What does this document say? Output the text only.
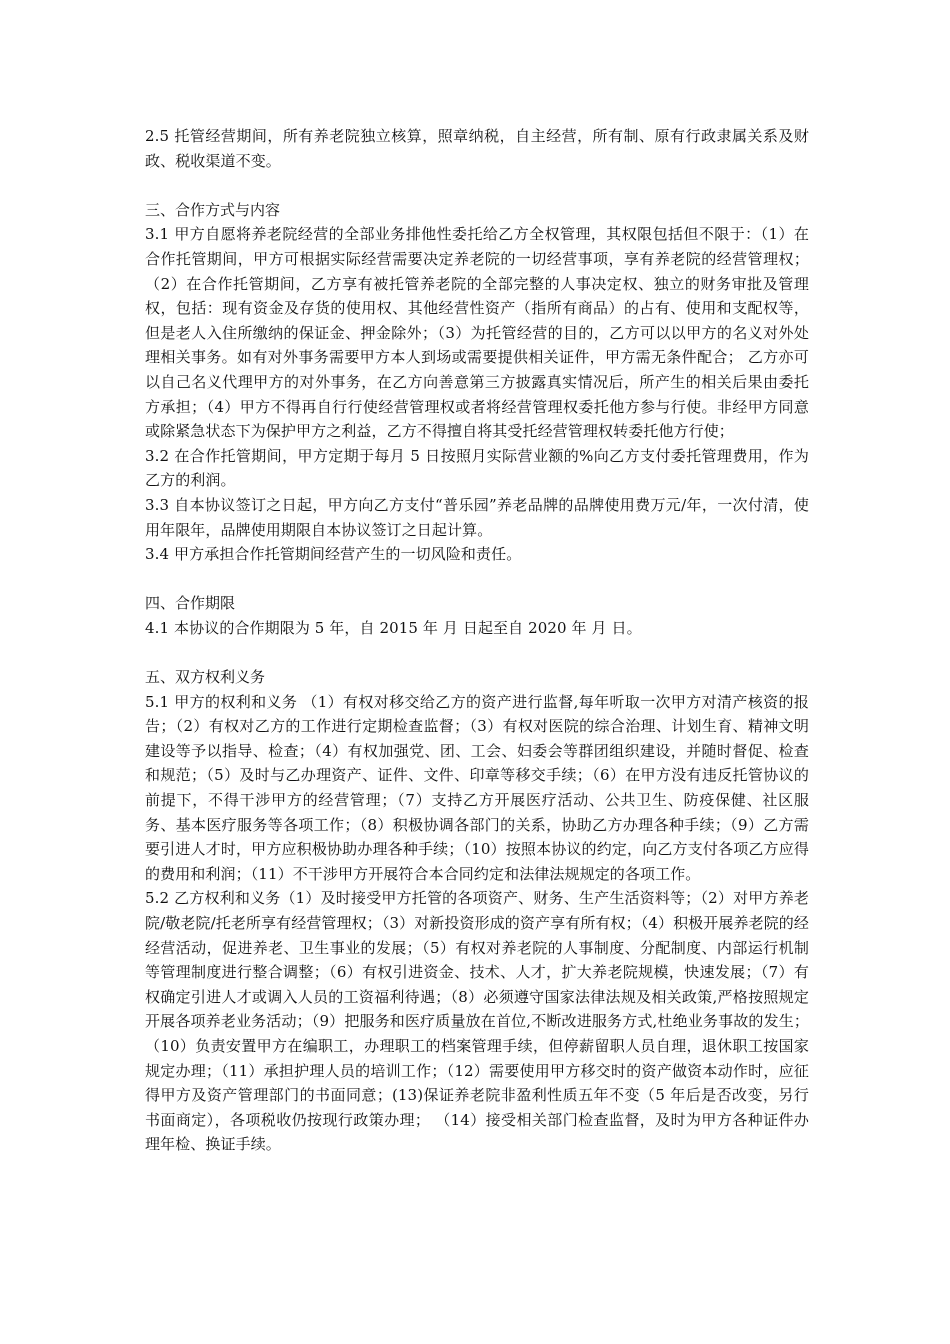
2.5 托管经营期间，所有养老院独立核算，照章纳税，自主经营，所有制、原有行政隶属关系及财政、税收渠道不变。

三、合作方式与内容

3.1 甲方自愿将养老院经营的全部业务排他性委托给乙方全权管理，其权限包括但不限于：（1）在合作托管期间，甲方可根据实际经营需要决定养老院的一切经营事项，享有养老院的经营管理权；（2）在合作托管期间，乙方享有被托管养老院的全部完整的人事决定权、独立的财务审批及管理权，包括：现有资金及存货的使用权、其他经营性资产（指所有商品）的占有、使用和支配权等，但是老人入住所缴纳的保证金、押金除外；（3）为托管经营的目的，乙方可以以甲方的名义对外处理相关事务。如有对外事务需要甲方本人到场或需要提供相关证件，甲方需无条件配合； 乙方亦可以自己名义代理甲方的对外事务，在乙方向善意第三方披露真实情况后，所产生的相关后果由委托方承担；（4）甲方不得再自行行使经营管理权或者将经营管理权委托他方参与行使。非经甲方同意或除紧急状态下为保护甲方之利益，乙方不得擅自将其受托经营管理权转委托他方行使；

3.2 在合作托管期间，甲方定期于每月 5 日按照月实际营业额的%向乙方支付委托管理费用，作为乙方的利润。

3.3 自本协议签订之日起，甲方向乙方支付“普乐园”养老品牌的品牌使用费万元/年，一次付清，使用年限年，品牌使用期限自本协议签订之日起计算。

3.4 甲方承担合作托管期间经营产生的一切风险和责任。

四、合作期限

4.1 本协议的合作期限为 5 年，自 2015 年 月 日起至自 2020 年 月 日。

五、双方权利义务

5.1 甲方的权利和义务 （1）有权对移交给乙方的资产进行监督,每年听取一次甲方对清产核资的报告；（2）有权对乙方的工作进行定期检查监督；（3）有权对医院的综合治理、计划生育、精神文明建设等予以指导、检查；（4）有权加强党、团、工会、妇委会等群团组织建设，并随时督促、检查和规范；（5）及时与乙办理资产、证件、文件、印章等移交手续；（6）在甲方没有违反托管协议的前提下，不得干涉甲方的经营管理；（7）支持乙方开展医疗活动、公共卫生、防疫保健、社区服务、基本医疗服务等各项工作；（8）积极协调各部门的关系，协助乙方办理各种手续；（9）乙方需要引进人才时，甲方应积极协助办理各种手续；（10）按照本协议的约定，向乙方支付各项乙方应得的费用和利润；（11）不干涉甲方开展符合本合同约定和法律法规规定的各项工作。

5.2 乙方权利和义务（1）及时接受甲方托管的各项资产、财务、生产生活资料等；（2）对甲方养老院/敬老院/托老所享有经营管理权；（3）对新投资形成的资产享有所有权；（4）积极开展养老院的经经营活动，促进养老、卫生事业的发展；（5）有权对养老院的人事制度、分配制度、内部运行机制等管理制度进行整合调整；（6）有权引进资金、技术、人才，扩大养老院规模，快速发展；（7）有权确定引进人才或调入人员的工资福利待遇；（8）必须遵守国家法律法规及相关政策,严格按照规定开展各项养老业务活动；（9）把服务和医疗质量放在首位,不断改进服务方式,杜绝业务事故的发生；（10）负责安置甲方在编职工，办理职工的档案管理手续，但停薪留职人员自理，退休职工按国家规定办理；（11）承担护理人员的培训工作；（12）需要使用甲方移交时的资产做资本动作时，应征得甲方及资产管理部门的书面同意；(13)保证养老院非盈利性质五年不变（5 年后是否改变，另行书面商定），各项税收仍按现行政策办理； （14）接受相关部门检查监督，及时为甲方各种证件办理年检、换证手续。
